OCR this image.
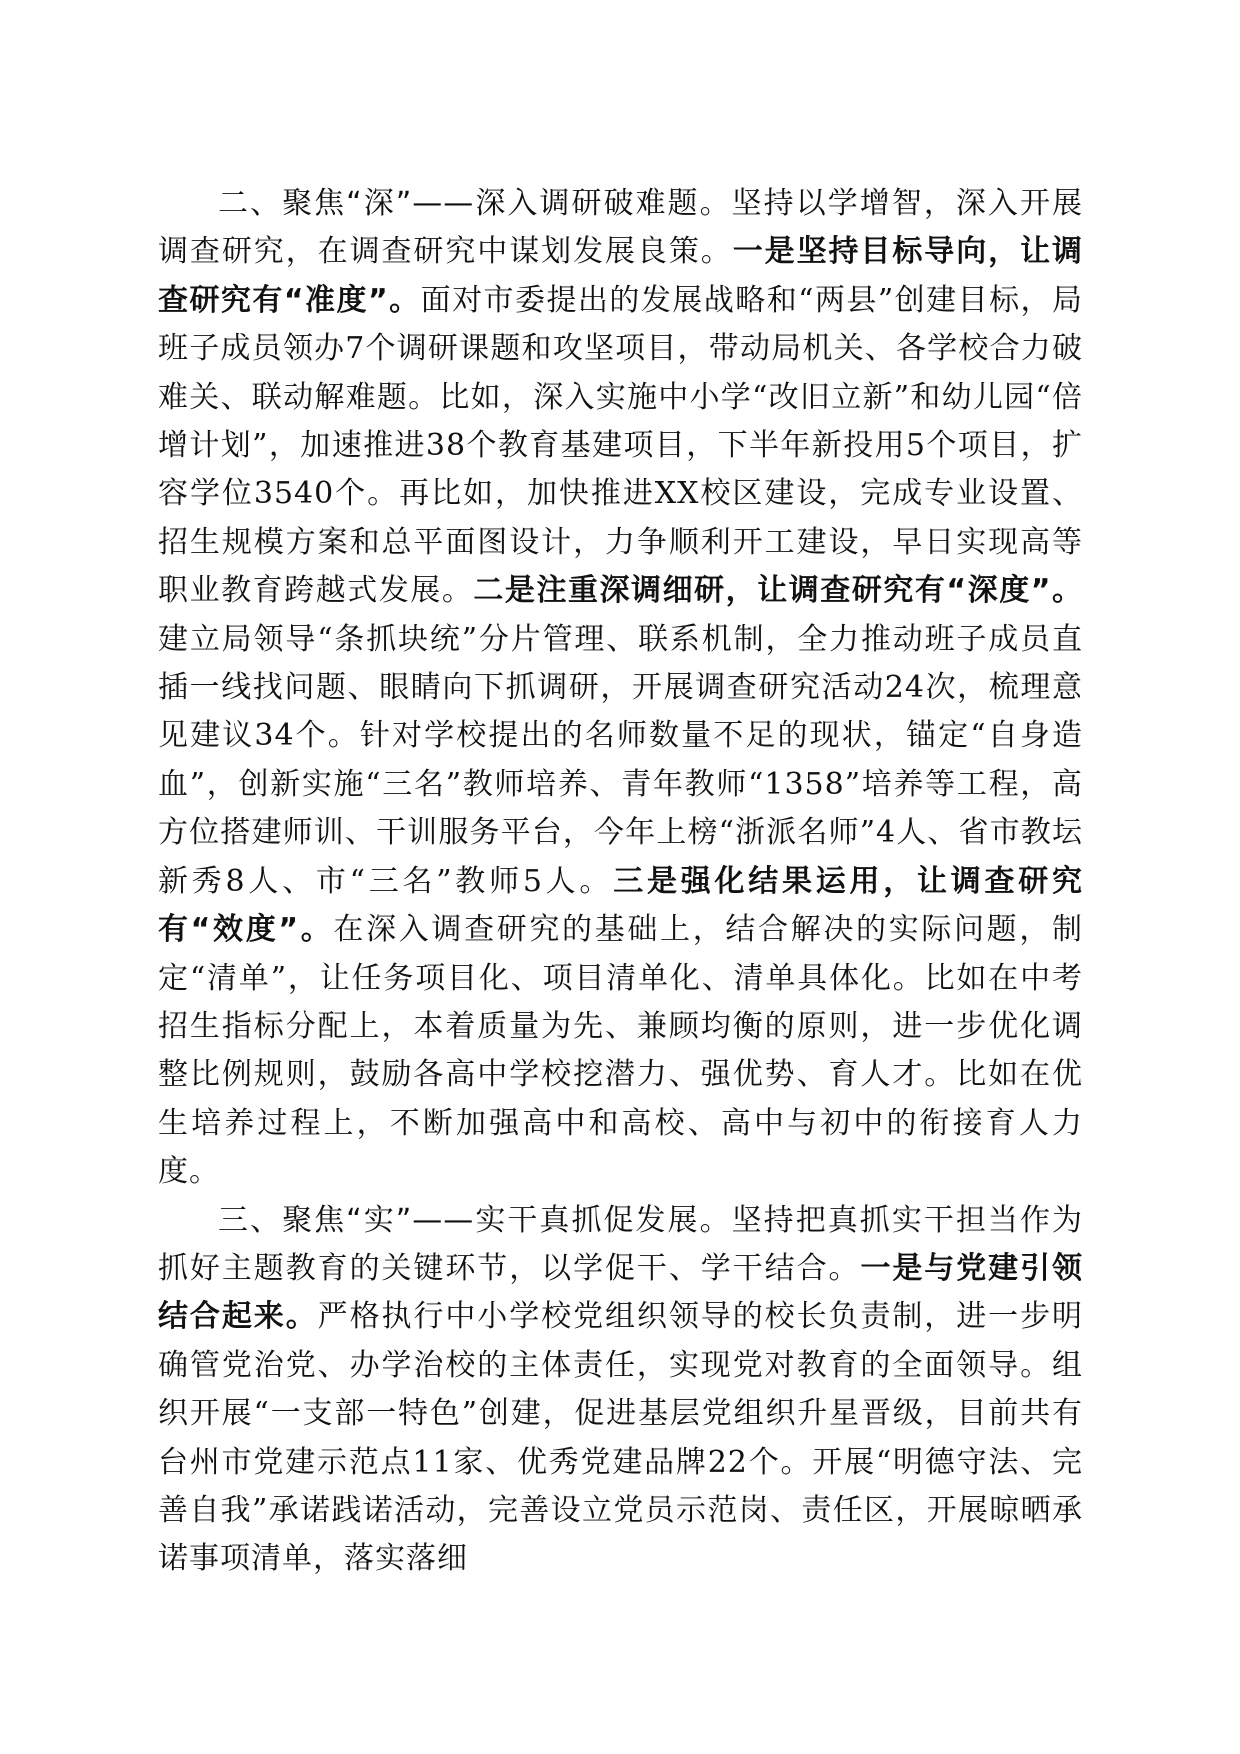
二、聚焦“深”——深入调研破难题。坚持以学增智，深入开展调查研究，在调查研究中谋划发展良策。一是坚持目标导向，让调查研究有“准度”。面对市委提出的发展战略和“两县”创建目标，局班子成员领办7个调研课题和攻坚项目，带动局机关、各学校合力破难关、联动解难题。比如，深入实施中小学“改旧立新”和幼儿园“倍增计划”，加速推进38个教育基建项目，下半年新投用5个项目，扩容学位3540个。再比如，加快推进XX校区建设，完成专业设置、招生规模方案和总平面图设计，力争顺利开工建设，早日实现高等职业教育跨越式发展。二是注重深调细研，让调查研究有“深度”。建立局领导“条抓块统”分片管理、联系机制，全力推动班子成员直插一线找问题、眼睛向下抓调研，开展调查研究活动24次，梳理意见建议34个。针对学校提出的名师数量不足的现状，锚定“自身造血”，创新实施“三名”教师培养、青年教师“1358”培养等工程，高方位搭建师训、干训服务平台，今年上榜“浙派名师”4人、省市教坛新秀8人、市“三名”教师5人。三是强化结果运用，让调查研究有“效度”。在深入调查研究的基础上，结合解决的实际问题，制定“清单”，让任务项目化、项目清单化、清单具体化。比如在中考招生指标分配上，本着质量为先、兼顾均衡的原则，进一步优化调整比例规则，鼓励各高中学校挖潜力、强优势、育人才。比如在优生培养过程上，不断加强高中和高校、高中与初中的衔接育人力度。

三、聚焦“实”——实干真抓促发展。坚持把真抓实干担当作为抓好主题教育的关键环节，以学促干、学干结合。一是与党建引领结合起来。严格执行中小学校党组织领导的校长负责制，进一步明确管党治党、办学治校的主体责任，实现党对教育的全面领导。组织开展“一支部一特色”创建，促进基层党组织升星晋级，目前共有台州市党建示范点11家、优秀党建品牌22个。开展“明德守法、完善自我”承诺践诺活动，完善设立党员示范岗、责任区，开展晾晒承诺事项清单，落实落细
